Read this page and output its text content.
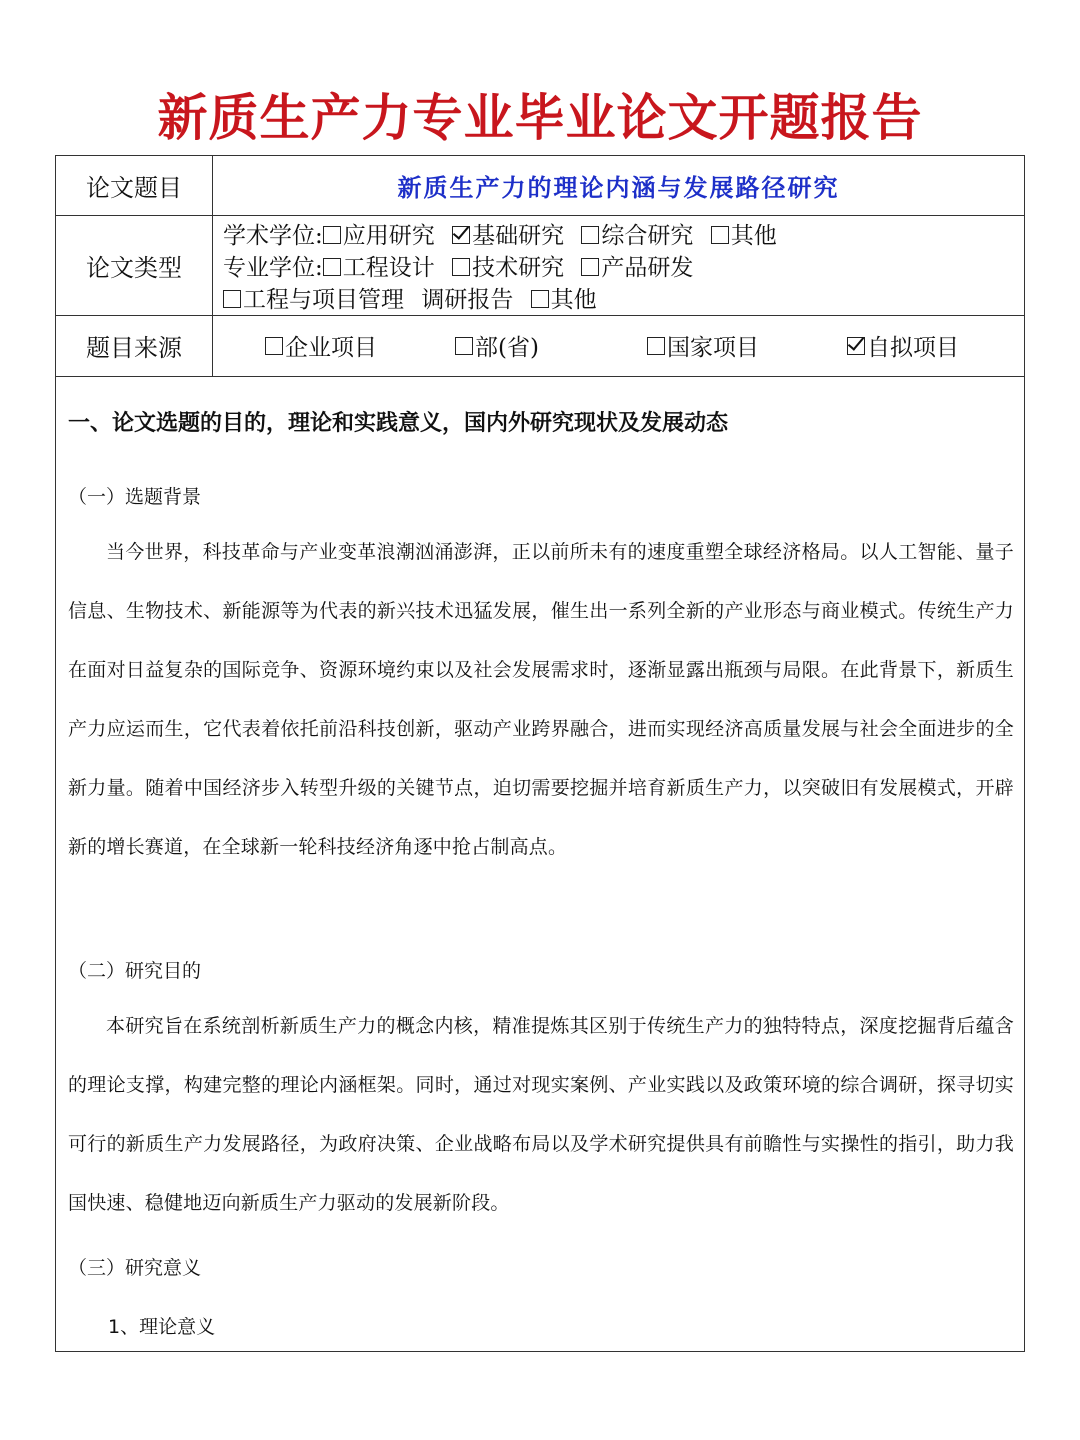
新质生产力专业毕业论文开题报告
论文题目	新质生产力的理论内涵与发展路径研究
论文类型
学术学位: 应用研究 基础研究 综合研究 其他
专业学位: 工程设计 技术研究 产品研发
工程与项目管理 调研报告 其他
题目来源	企业项目	部(省)	国家项目	自拟项目
一、论文选题的目的，理论和实践意义，国内外研究现状及发展动态
（一）选题背景
当今世界，科技革命与产业变革浪潮汹涌澎湃，正以前所未有的速度重塑全球经济格局。以人工智能、量子信息、生物技术、新能源等为代表的新兴技术迅猛发展，催生出一系列全新的产业形态与商业模式。传统生产力在面对日益复杂的国际竞争、资源环境约束以及社会发展需求时，逐渐显露出瓶颈与局限。在此背景下，新质生产力应运而生，它代表着依托前沿科技创新，驱动产业跨界融合，进而实现经济高质量发展与社会全面进步的全新力量。随着中国经济步入转型升级的关键节点，迫切需要挖掘并培育新质生产力，以突破旧有发展模式，开辟新的增长赛道，在全球新一轮科技经济角逐中抢占制高点。
（二）研究目的
本研究旨在系统剖析新质生产力的概念内核，精准提炼其区别于传统生产力的独特特点，深度挖掘背后蕴含的理论支撑，构建完整的理论内涵框架。同时，通过对现实案例、产业实践以及政策环境的综合调研，探寻切实可行的新质生产力发展路径，为政府决策、企业战略布局以及学术研究提供具有前瞻性与实操性的指引，助力我国快速、稳健地迈向新质生产力驱动的发展新阶段。
（三）研究意义
1、理论意义
